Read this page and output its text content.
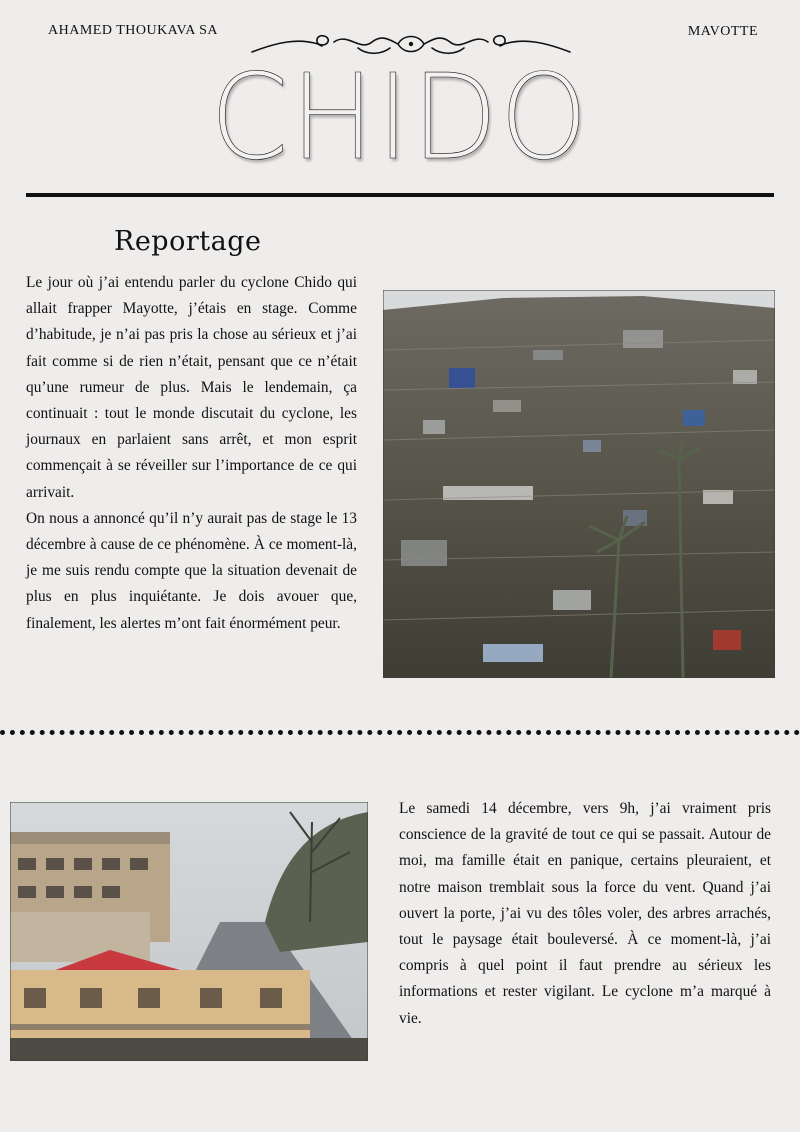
AHAMED THOUKAVA SA	MAVOTTE
CHIDO
Reportage

Le jour où j’ai entendu parler du cyclone Chido qui allait frapper Mayotte, j’étais en stage. Comme d’habitude, je n’ai pas pris la chose au sérieux et j’ai fait comme si de rien n’était, pensant que ce n’était qu’une rumeur de plus. Mais le lendemain, ça continuait : tout le monde discutait du cyclone, les journaux en parlaient sans arrêt, et mon esprit commençait à se réveiller sur l’importance de ce qui arrivait.

On nous a annoncé qu’il n’y aurait pas de stage le 13 décembre à cause de ce phénomène. À ce moment-là, je me suis rendu compte que la situation devenait de plus en plus inquiétante. Je dois avouer que, finalement, les alertes m’ont fait énormément peur.

Le samedi 14 décembre, vers 9h, j’ai vraiment pris conscience de la gravité de tout ce qui se passait. Autour de moi, ma famille était en panique, certains pleuraient, et notre maison tremblait sous la force du vent. Quand j’ai ouvert la porte, j’ai vu des tôles voler, des arbres arrachés, tout le paysage était bouleversé. À ce moment-là, j’ai compris à quel point il faut prendre au sérieux les informations et rester vigilant. Le cyclone m’a marqué à vie.
